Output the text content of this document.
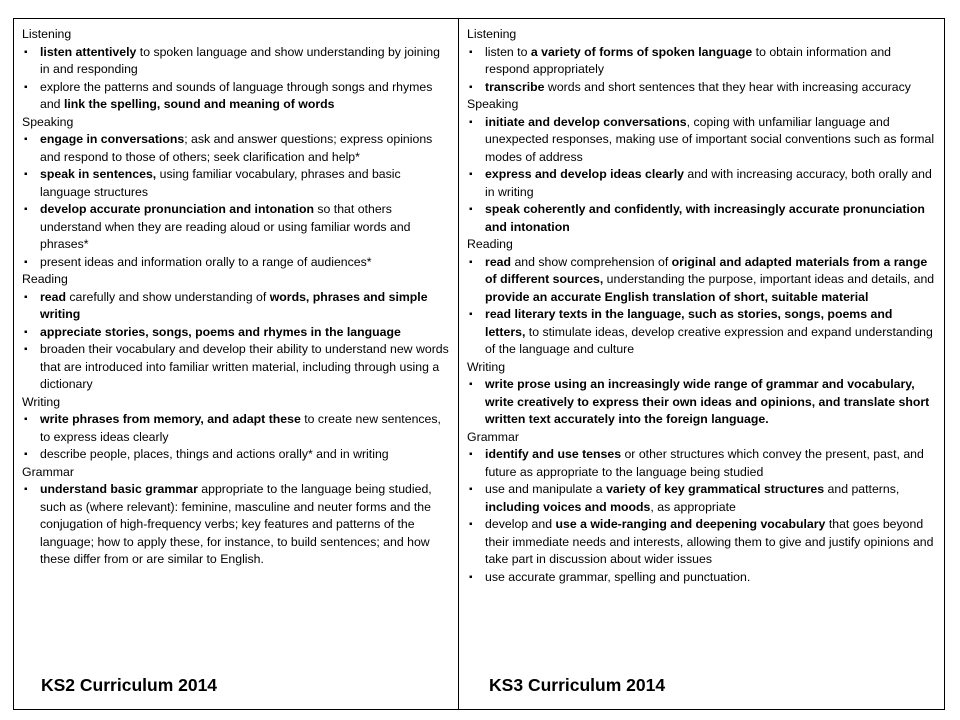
Listening
▪ listen attentively to spoken language and show understanding by joining in and responding
▪ explore the patterns and sounds of language through songs and rhymes and link the spelling, sound and meaning of words
Speaking
▪ engage in conversations; ask and answer questions; express opinions and respond to those of others; seek clarification and help*
▪ speak in sentences, using familiar vocabulary, phrases and basic language structures
▪ develop accurate pronunciation and intonation so that others understand when they are reading aloud or using familiar words and phrases*
▪ present ideas and information orally to a range of audiences*
Reading
▪ read carefully and show understanding of words, phrases and simple writing
▪ appreciate stories, songs, poems and rhymes in the language
▪ broaden their vocabulary and develop their ability to understand new words that are introduced into familiar written material, including through using a dictionary
Writing
▪ write phrases from memory, and adapt these to create new sentences, to express ideas clearly
▪ describe people, places, things and actions orally* and in writing
Grammar
▪ understand basic grammar appropriate to the language being studied, such as (where relevant): feminine, masculine and neuter forms and the conjugation of high-frequency verbs; key features and patterns of the language; how to apply these, for instance, to build sentences; and how these differ from or are similar to English.
KS2 Curriculum 2014
Listening
▪ listen to a variety of forms of spoken language to obtain information and respond appropriately
▪ transcribe words and short sentences that they hear with increasing accuracy
Speaking
▪ initiate and develop conversations, coping with unfamiliar language and unexpected responses, making use of important social conventions such as formal modes of address
▪ express and develop ideas clearly and with increasing accuracy, both orally and in writing
▪ speak coherently and confidently, with increasingly accurate pronunciation and intonation
Reading
▪ read and show comprehension of original and adapted materials from a range of different sources, understanding the purpose, important ideas and details, and provide an accurate English translation of short, suitable material
▪ read literary texts in the language, such as stories, songs, poems and letters, to stimulate ideas, develop creative expression and expand understanding of the language and culture
Writing
▪ write prose using an increasingly wide range of grammar and vocabulary, write creatively to express their own ideas and opinions, and translate short written text accurately into the foreign language.
Grammar
▪ identify and use tenses or other structures which convey the present, past, and future as appropriate to the language being studied
▪ use and manipulate a variety of key grammatical structures and patterns, including voices and moods, as appropriate
▪ develop and use a wide-ranging and deepening vocabulary that goes beyond their immediate needs and interests, allowing them to give and justify opinions and take part in discussion about wider issues
▪ use accurate grammar, spelling and punctuation.
KS3 Curriculum 2014
